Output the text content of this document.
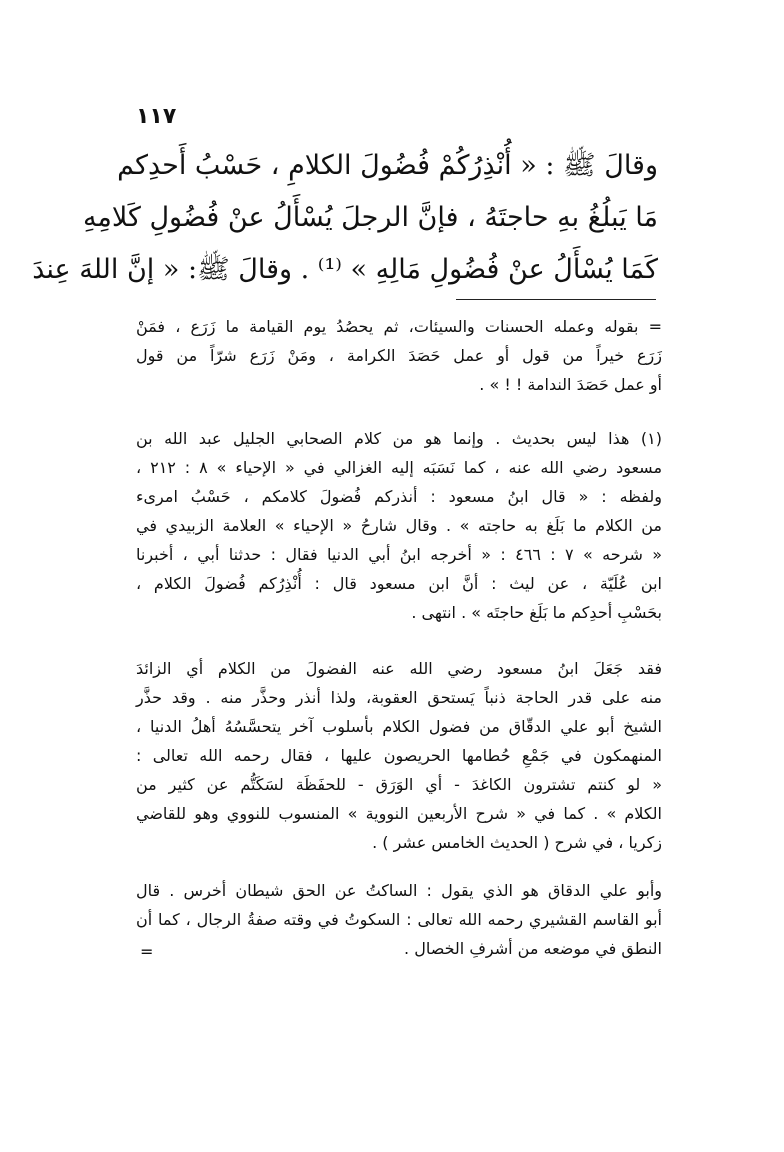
١١٧
وقالَ ﷺ : « أُنْذِرُكُمْ فُضُولَ الكلامِ ، حَسْبُ أَحدِكم
مَا يَبلُغُ بهِ حاجتَهُ ، فإنَّ الرجلَ يُسْأَلُ عنْ فُضُولِ كَلامِهِ
كَمَا يُسْأَلُ عنْ فُضُولِ مَالِهِ » ⁽¹⁾ . وقالَ ﷺ: « إنَّ اللهَ عِندَ
= بقوله وعمله الحسنات والسيئات، ثم يحصُدُ يوم القيامة ما زَرَع ، فمَنْ
زَرَع خيراً من قول أو عمل حَصَدَ الكرامة ، ومَنْ زَرَع شرّاً من قول
أو عمل حَصَدَ الندامة ! ! » .
(١) هذا ليس بحديث . وإنما هو من كلام الصحابي الجليل عبد الله بن
مسعود رضي الله عنه ، كما نَسَبَه إليه الغزالي في « الإحياء » ٨ : ٢١٢ ،
ولفظه : « قال ابنُ مسعود : أنذركم فُضولَ كلامكم ، حَسْبُ امرىء
من الكلام ما بَلَغ به حاجته » . وقال شارحُ « الإحياء » العلامة الزبيدي في
« شرحه » ٧ : ٤٦٦ : « أخرجه ابنُ أبي الدنيا فقال : حدثنا أبي ، أخبرنا
ابن عُلَيّة ، عن ليث : أنَّ ابن مسعود قال : أُنْذِرُكم فُضولَ الكلام ،
بحَسْبِ أحدِكم ما بَلَغ حاجتَه » . انتهى .
فقد جَعَلَ ابنُ مسعود رضي الله عنه الفضولَ من الكلام أي الزائدَ
منه على قدر الحاجة ذنباً يَستحق العقوبة، ولذا أنذر وحذَّر منه . وقد حذَّر
الشيخ أبو علي الدقّاق من فضول الكلام بأسلوب آخر يتحسَّسُهُ أهلُ الدنيا ،
المنهمكون في جَمْعِ حُطامها الحريصون عليها ، فقال رحمه الله تعالى :
« لو كنتم تشترون الكاغدَ - أي الوَرَق - للحفَظَة لسَكَتُّم عن كثير من
الكلام » . كما في « شرح الأربعين النووية » المنسوب للنووي وهو للقاضي
زكريا ، في شرح ( الحديث الخامس عشر ) .
وأبو علي الدقاق هو الذي يقول : الساكتُ عن الحق شيطان أخرس . قال
أبو القاسم القشيري رحمه الله تعالى : السكوتُ في وقته صفةُ الرجال ، كما أن
النطق في موضعه من أشرفِ الخصال .
=
